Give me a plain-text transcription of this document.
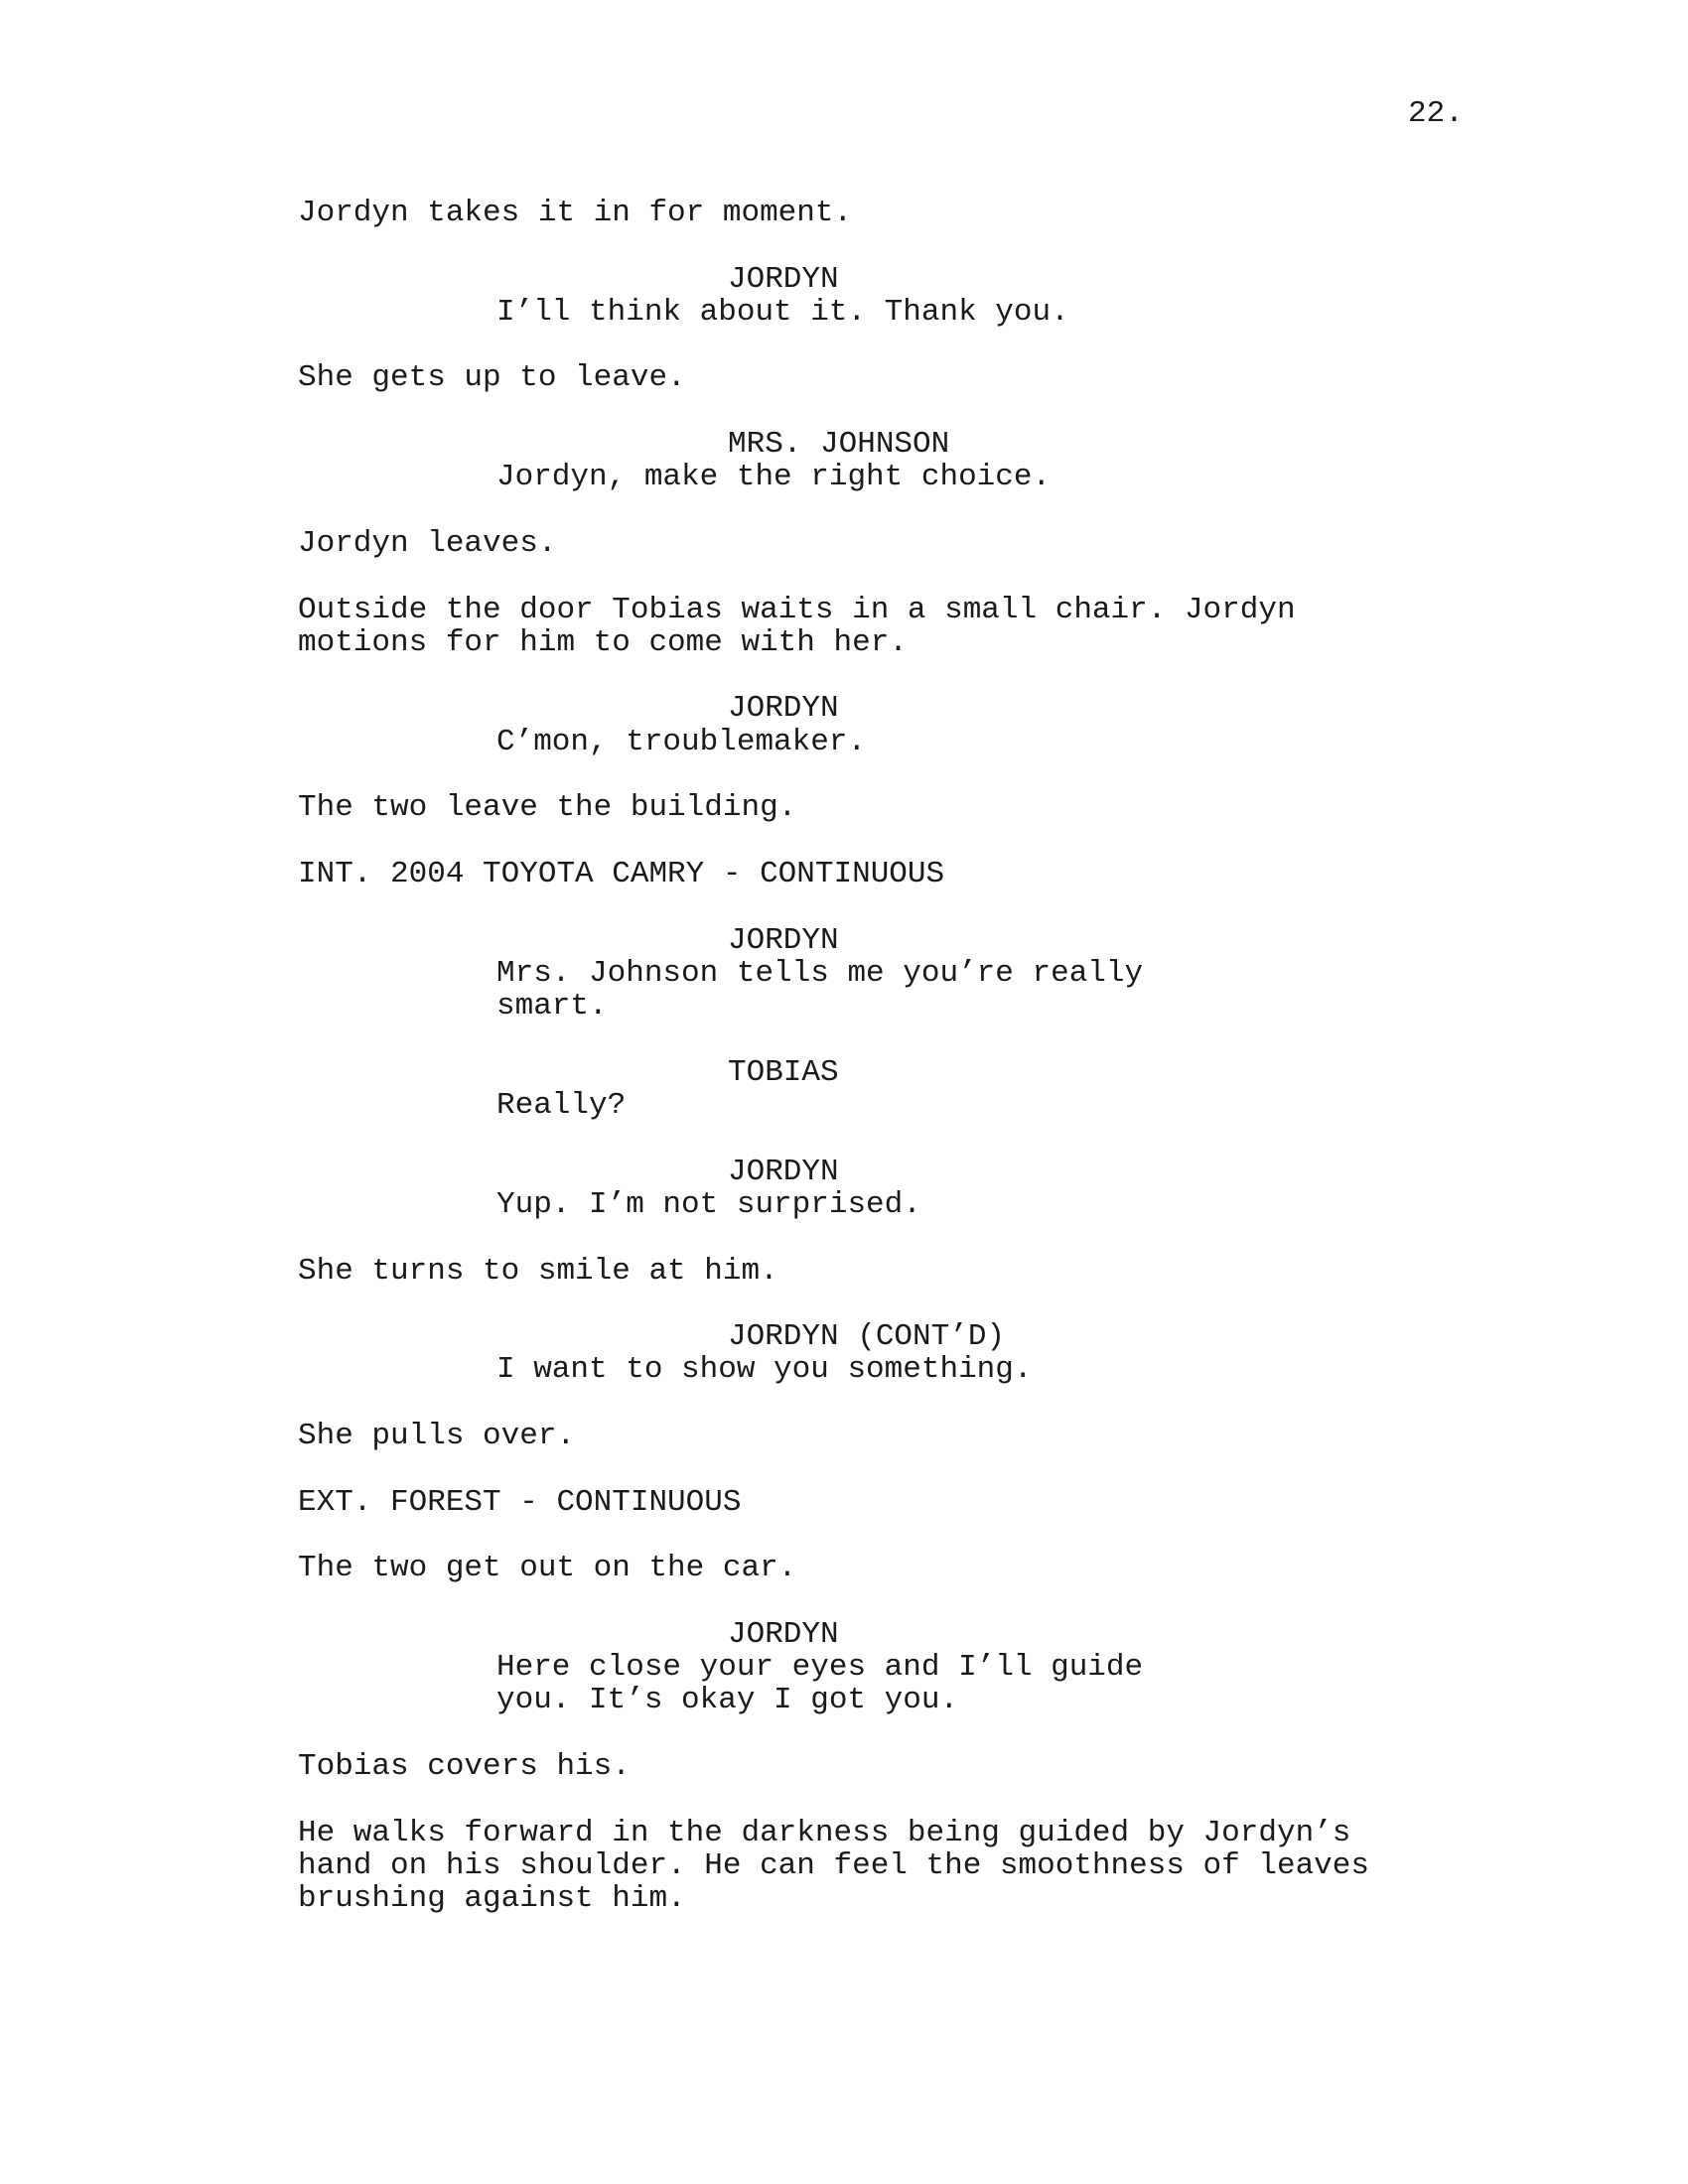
22.
Jordyn takes it in for moment.
JORDYN
I’ll think about it. Thank you.
She gets up to leave.
MRS. JOHNSON
Jordyn, make the right choice.
Jordyn leaves.
Outside the door Tobias waits in a small chair. Jordyn
motions for him to come with her.
JORDYN
C’mon, troublemaker.
The two leave the building.
INT. 2004 TOYOTA CAMRY - CONTINUOUS
JORDYN
Mrs. Johnson tells me you’re really
smart.
TOBIAS
Really?
JORDYN
Yup. I’m not surprised.
She turns to smile at him.
JORDYN (CONT’D)
I want to show you something.
She pulls over.
EXT. FOREST - CONTINUOUS
The two get out on the car.
JORDYN
Here close your eyes and I’ll guide
you. It’s okay I got you.
Tobias covers his.
He walks forward in the darkness being guided by Jordyn’s
hand on his shoulder. He can feel the smoothness of leaves
brushing against him.
